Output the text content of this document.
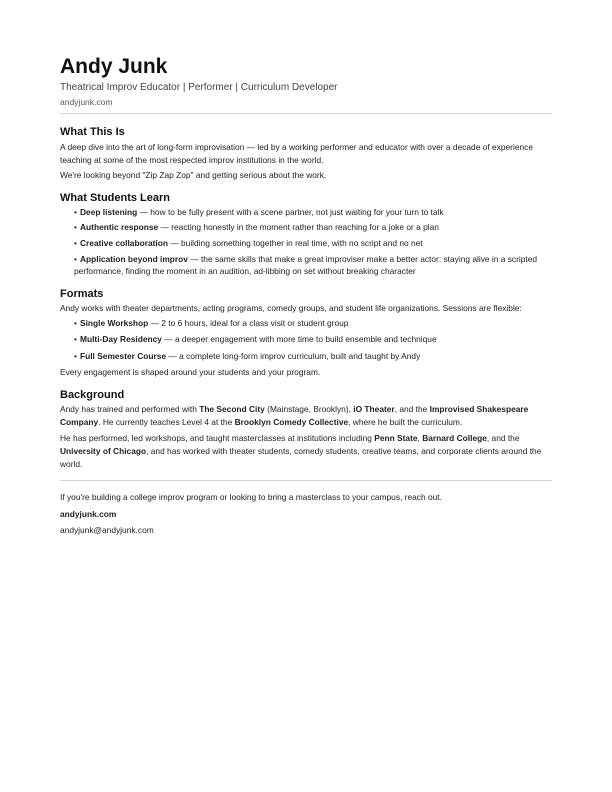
Andy Junk
Theatrical Improv Educator | Performer | Curriculum Developer
andyjunk.com
What This Is

A deep dive into the art of long-form improvisation — led by a working performer and educator with over a decade of experience teaching at some of the most respected improv institutions in the world.

We're looking beyond "Zip Zap Zop" and getting serious about the work.

What Students Learn
• Deep listening — how to be fully present with a scene partner, not just waiting for your turn to talk
• Authentic response — reacting honestly in the moment rather than reaching for a joke or a plan
• Creative collaboration — building something together in real time, with no script and no net
• Application beyond improv — the same skills that make a great improviser make a better actor: staying alive in a scripted performance, finding the moment in an audition, ad-libbing on set without breaking character
Formats

Andy works with theater departments, acting programs, comedy groups, and student life organizations. Sessions are flexible:

• Single Workshop — 2 to 6 hours, ideal for a class visit or student group
• Multi-Day Residency — a deeper engagement with more time to build ensemble and technique
• Full Semester Course — a complete long-form improv curriculum, built and taught by Andy

Every engagement is shaped around your students and your program.

Background

Andy has trained and performed with The Second City (Mainstage, Brooklyn), iO Theater, and the Improvised Shakespeare Company. He currently teaches Level 4 at the Brooklyn Comedy Collective, where he built the curriculum.

He has performed, led workshops, and taught masterclasses at institutions including Penn State, Barnard College, and the University of Chicago, and has worked with theater students, comedy students, creative teams, and corporate clients around the world.

If you're building a college improv program or looking to bring a masterclass to your campus, reach out.

andyjunk.com

andyjunk@andyjunk.com
